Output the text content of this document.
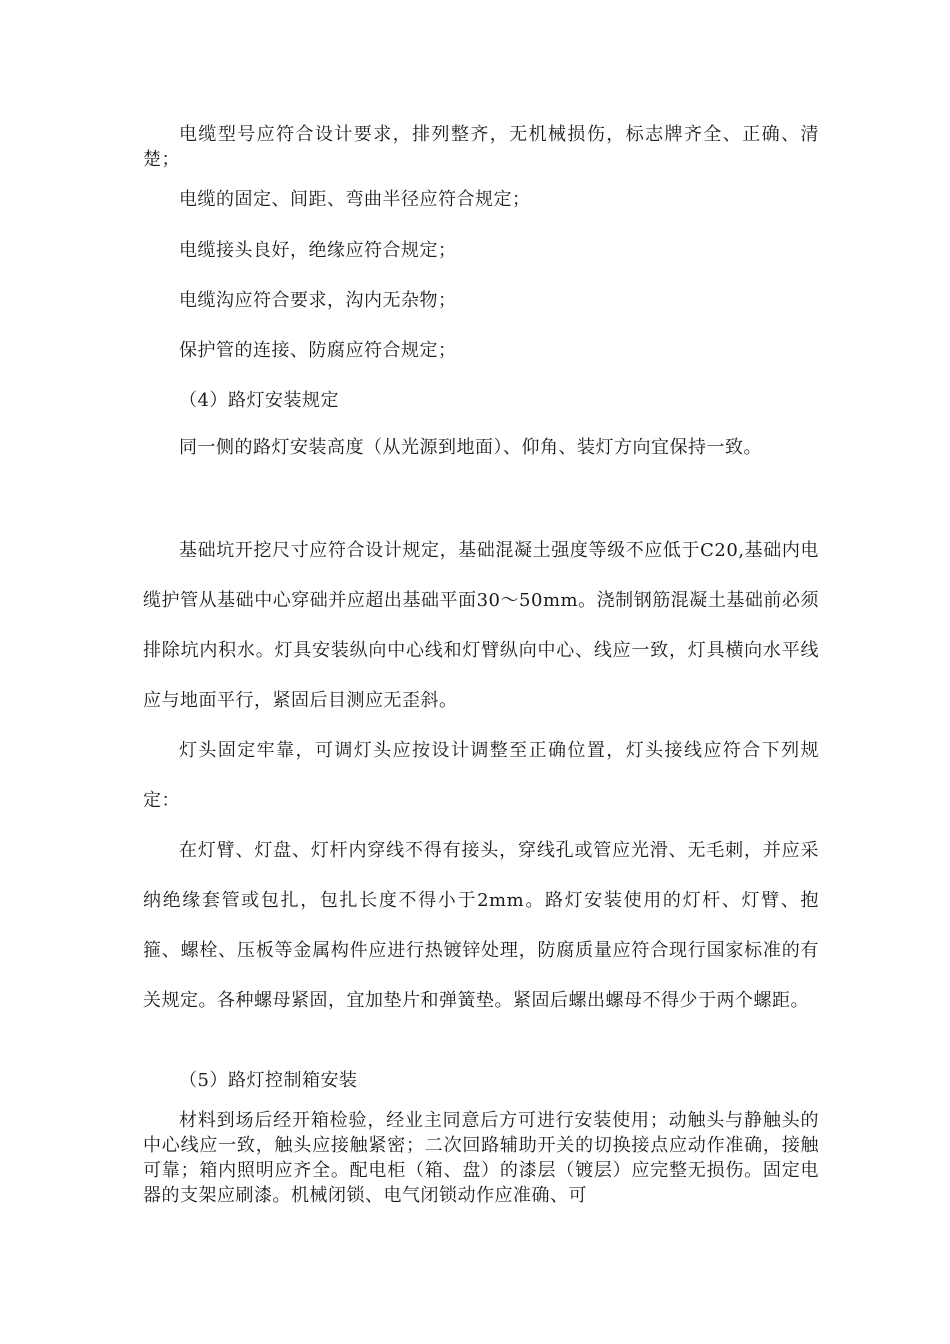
电缆型号应符合设计要求，排列整齐，无机械损伤，标志牌齐全、正确、清楚；

电缆的固定、间距、弯曲半径应符合规定；

电缆接头良好，绝缘应符合规定；

电缆沟应符合要求，沟内无杂物；

保护管的连接、防腐应符合规定；

（4）路灯安装规定

同一侧的路灯安装高度（从光源到地面）、仰角、装灯方向宜保持一致。

基础坑开挖尺寸应符合设计规定，基础混凝土强度等级不应低于C20,基础内电缆护管从基础中心穿础并应超出基础平面30〜50mm。浇制钢筋混凝土基础前必须排除坑内积水。灯具安装纵向中心线和灯臂纵向中心、线应一致，灯具横向水平线应与地面平行，紧固后目测应无歪斜。

灯头固定牢靠，可调灯头应按设计调整至正确位置，灯头接线应符合下列规定：

在灯臂、灯盘、灯杆内穿线不得有接头，穿线孔或管应光滑、无毛刺，并应采纳绝缘套管或包扎，包扎长度不得小于2mm。路灯安装使用的灯杆、灯臂、抱箍、螺栓、压板等金属构件应进行热镀锌处理，防腐质量应符合现行国家标准的有关规定。各种螺母紧固，宜加垫片和弹簧垫。紧固后螺出螺母不得少于两个螺距。

（5）路灯控制箱安装

材料到场后经开箱检验，经业主同意后方可进行安装使用；动触头与静触头的中心线应一致，触头应接触紧密；二次回路辅助开关的切换接点应动作准确，接触可靠；箱内照明应齐全。配电柜（箱、盘）的漆层（镀层）应完整无损伤。固定电器的支架应刷漆。机械闭锁、电气闭锁动作应准确、可
